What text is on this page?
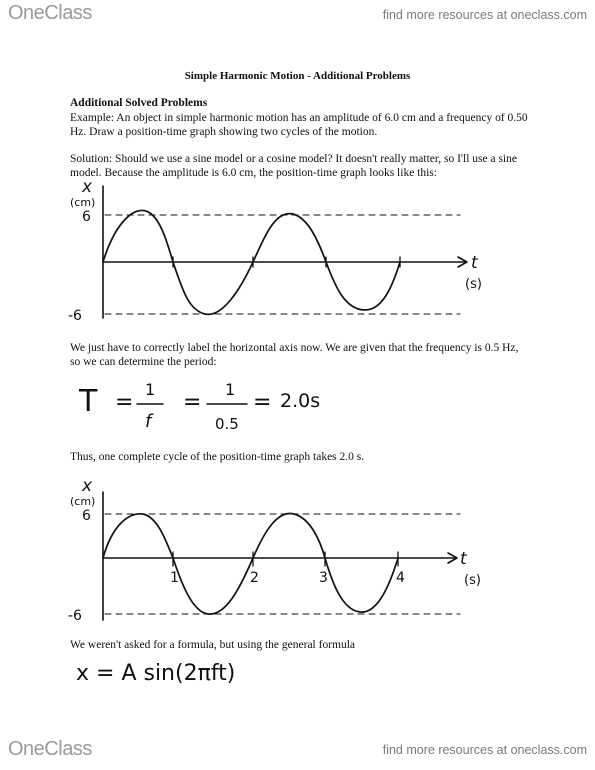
OneClass	find more resources at oneclass.com
Simple Harmonic Motion - Additional Problems
Additional Solved Problems

Example: An object in simple harmonic motion has an amplitude of 6.0 cm and a frequency of 0.50 Hz. Draw a position-time graph showing two cycles of the motion.

Solution: Should we use a sine model or a cosine model? It doesn't really matter, so I'll use a sine model. Because the amplitude is 6.0 cm, the position-time graph looks like this:

x
(cm)
6
-6
t
(s)

We just have to correctly label the horizontal axis now. We are given that the frequency is 0.5 Hz, so we can determine the period:

T =
1
f
=
1
0.5
= 2.0s

Thus, one complete cycle of the position-time graph takes 2.0 s.

x
(cm)
6
-6
t
(s)
1	2	3	4

We weren't asked for a formula, but using the general formula

x = A sin(2πft)
OneClass	find more resources at oneclass.com
